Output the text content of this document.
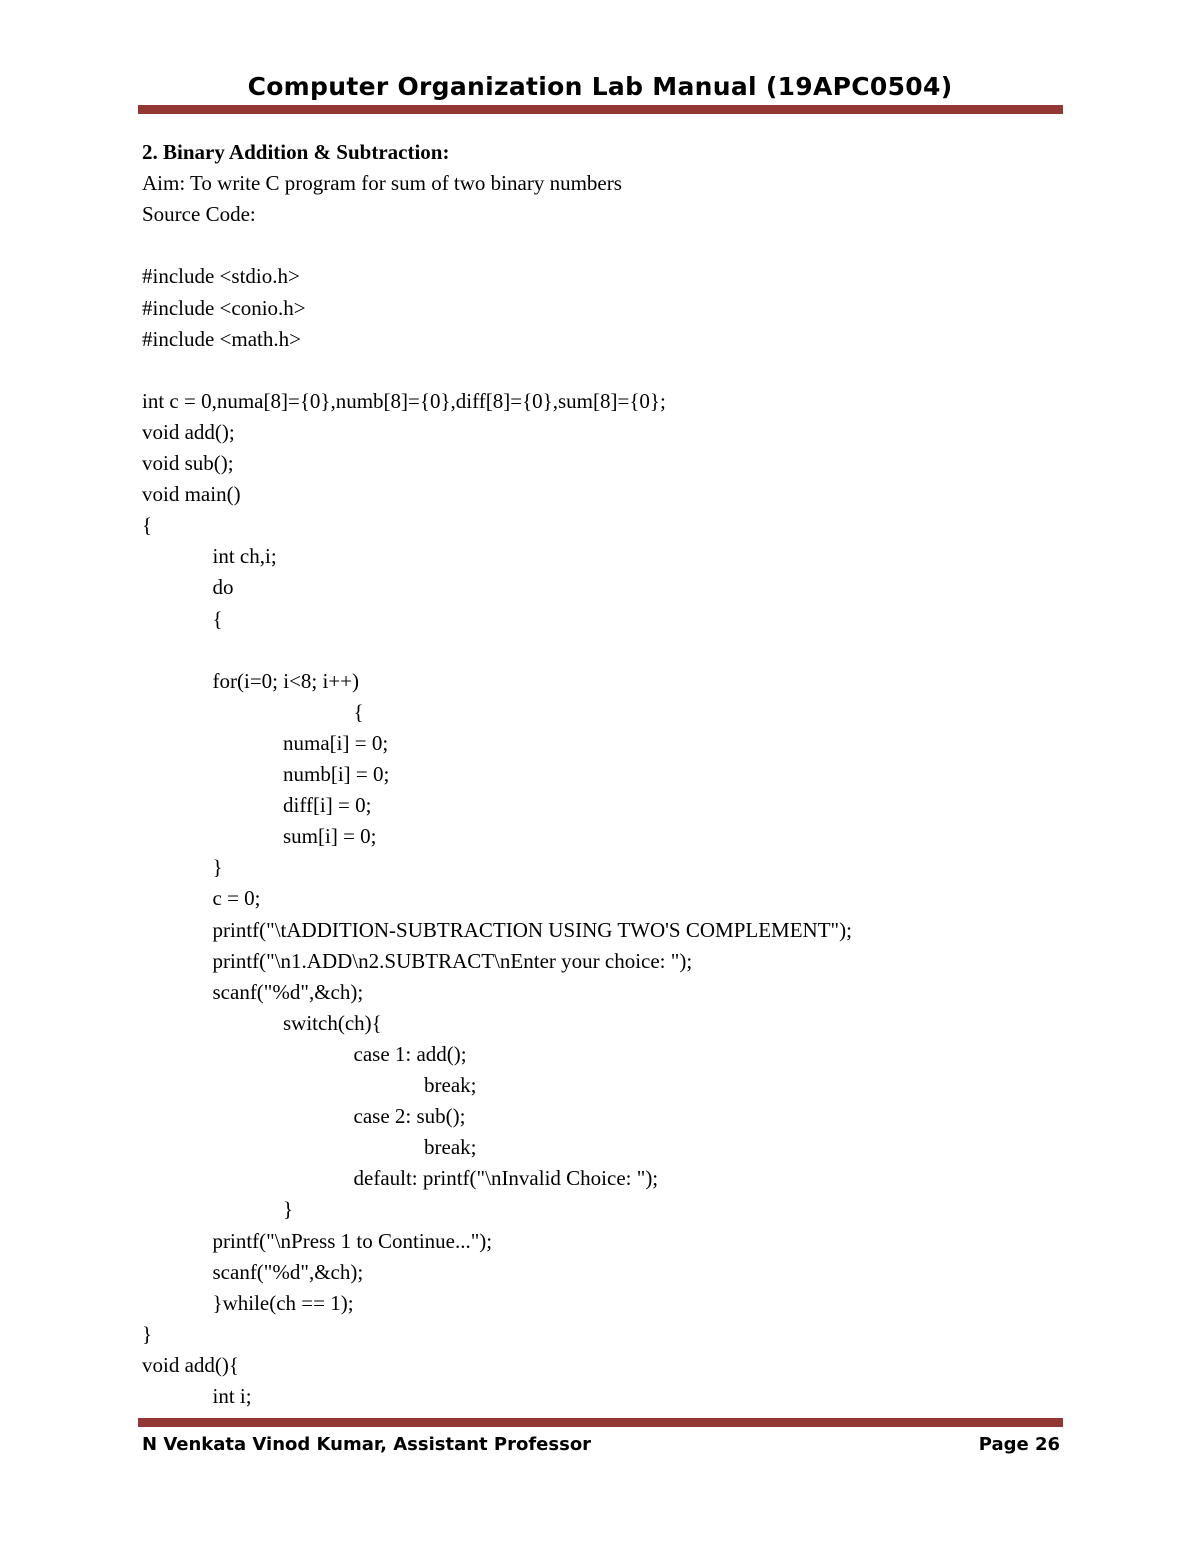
Computer Organization Lab Manual (19APC0504)
2. Binary Addition & Subtraction:
Aim: To write C program for sum of two binary numbers
Source Code:
#include <stdio.h>
#include <conio.h>
#include <math.h>
int c = 0,numa[8]={0},numb[8]={0},diff[8]={0},sum[8]={0};
void add();
void sub();
void main()
{
int ch,i;
do
{
for(i=0; i<8; i++)
{
numa[i] = 0;
numb[i] = 0;
diff[i] = 0;
sum[i] = 0;
}
c = 0;
printf("\tADDITION-SUBTRACTION USING TWO'S COMPLEMENT");
printf("\n1.ADD\n2.SUBTRACT\nEnter your choice: ");
scanf("%d",&ch);
switch(ch){
case 1: add();
break;
case 2: sub();
break;
default: printf("\nInvalid Choice: ");
}
printf("\nPress 1 to Continue...");
scanf("%d",&ch);
}while(ch == 1);
}
void add(){
int i;
N Venkata Vinod Kumar, Assistant Professor	Page 26
